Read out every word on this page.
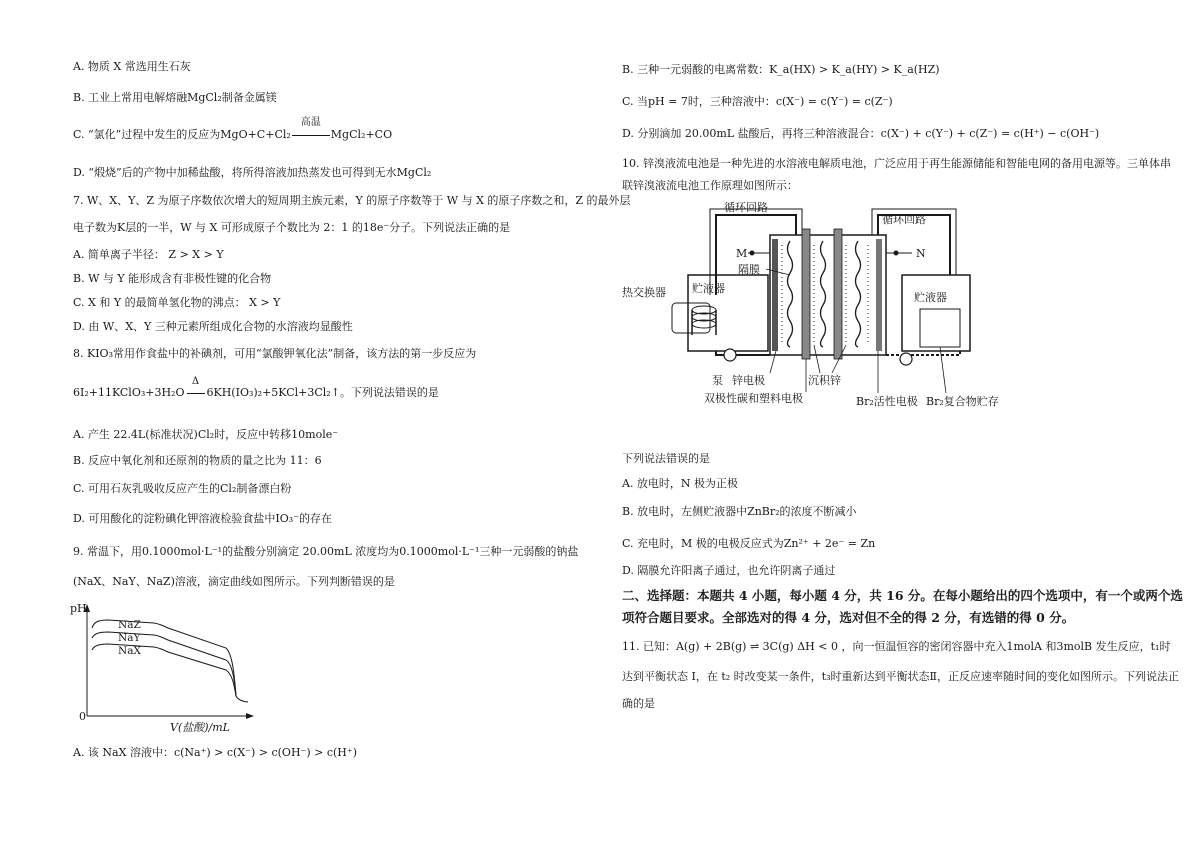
A. 物质 X 常选用生石灰
B. 工业上常用电解熔融MgCl₂制备金属镁
C. “氯化”过程中发生的反应为MgO+C+Cl₂
高温
MgCl₂+CO
D. “煅烧”后的产物中加稀盐酸，将所得溶液加热蒸发也可得到无水MgCl₂
7. W、X、Y、Z 为原子序数依次增大的短周期主族元素，Y 的原子序数等于 W 与 X 的原子序数之和，Z 的最外层
电子数为K层的一半，W 与 X 可形成原子个数比为 2：1 的18e⁻分子。下列说法正确的是
A. 简单离子半径： Z > X > Y
B. W 与 Y 能形成含有非极性键的化合物
C. X 和 Y 的最简单氢化物的沸点： X > Y
D. 由 W、X、Y 三种元素所组成化合物的水溶液均显酸性
8. KIO₃常用作食盐中的补碘剂，可用“氯酸钾氧化法”制备，该方法的第一步反应为
6I₂+11KClO₃+3H₂O
Δ
6KH(IO₃)₂+5KCl+3Cl₂↑。下列说法错误的是
A. 产生 22.4L(标准状况)Cl₂时，反应中转移10mole⁻
B. 反应中氧化剂和还原剂的物质的量之比为 11：6
C. 可用石灰乳吸收反应产生的Cl₂制备漂白粉
D. 可用酸化的淀粉碘化钾溶液检验食盐中IO₃⁻的存在
9. 常温下，用0.1000mol·L⁻¹的盐酸分别滴定 20.00mL 浓度均为0.1000mol·L⁻¹三种一元弱酸的钠盐
(NaX、NaY、NaZ)溶液，滴定曲线如图所示。下列判断错误的是
pH
0
V(盐酸)/mL
NaZ
NaY
NaX
A. 该 NaX 溶液中：c(Na⁺) > c(X⁻) > c(OH⁻) > c(H⁺)
B. 三种一元弱酸的电离常数：K_a(HX) > K_a(HY) > K_a(HZ)
C. 当pH = 7时，三种溶液中：c(X⁻) = c(Y⁻) = c(Z⁻)
D. 分别滴加 20.00mL 盐酸后，再将三种溶液混合：c(X⁻) + c(Y⁻) + c(Z⁻) = c(H⁺) − c(OH⁻)
10. 锌溴液流电池是一种先进的水溶液电解质电池，广泛应用于再生能源储能和智能电网的备用电源等。三单体串
联锌溴液流电池工作原理如图所示：
循环回路
循环回路
M	N
隔膜
贮液器
热交换器	贮液器
泵 锌电极	沉积锌
双极性碳和塑料电极	Br₂活性电极 Br₂复合物贮存
下列说法错误的是
A. 放电时，N 极为正极
B. 放电时，左侧贮液器中ZnBr₂的浓度不断减小
C. 充电时，M 极的电极反应式为Zn²⁺ + 2e⁻ = Zn
D. 隔膜允许阳离子通过，也允许阴离子通过
二、选择题：本题共 4 小题，每小题 4 分，共 16 分。在每小题给出的四个选项中，有一个或两个选
项符合题目要求。全部选对的得 4 分，选对但不全的得 2 分，有选错的得 0 分。
11. 已知：A(g) + 2B(g) ⇌ 3C(g) ΔH < 0 ，向一恒温恒容的密闭容器中充入1molA 和3molB 发生反应，t₁时
达到平衡状态 I，在 t₂ 时改变某一条件，t₃时重新达到平衡状态Ⅱ，正反应速率随时间的变化如图所示。下列说法正
确的是
